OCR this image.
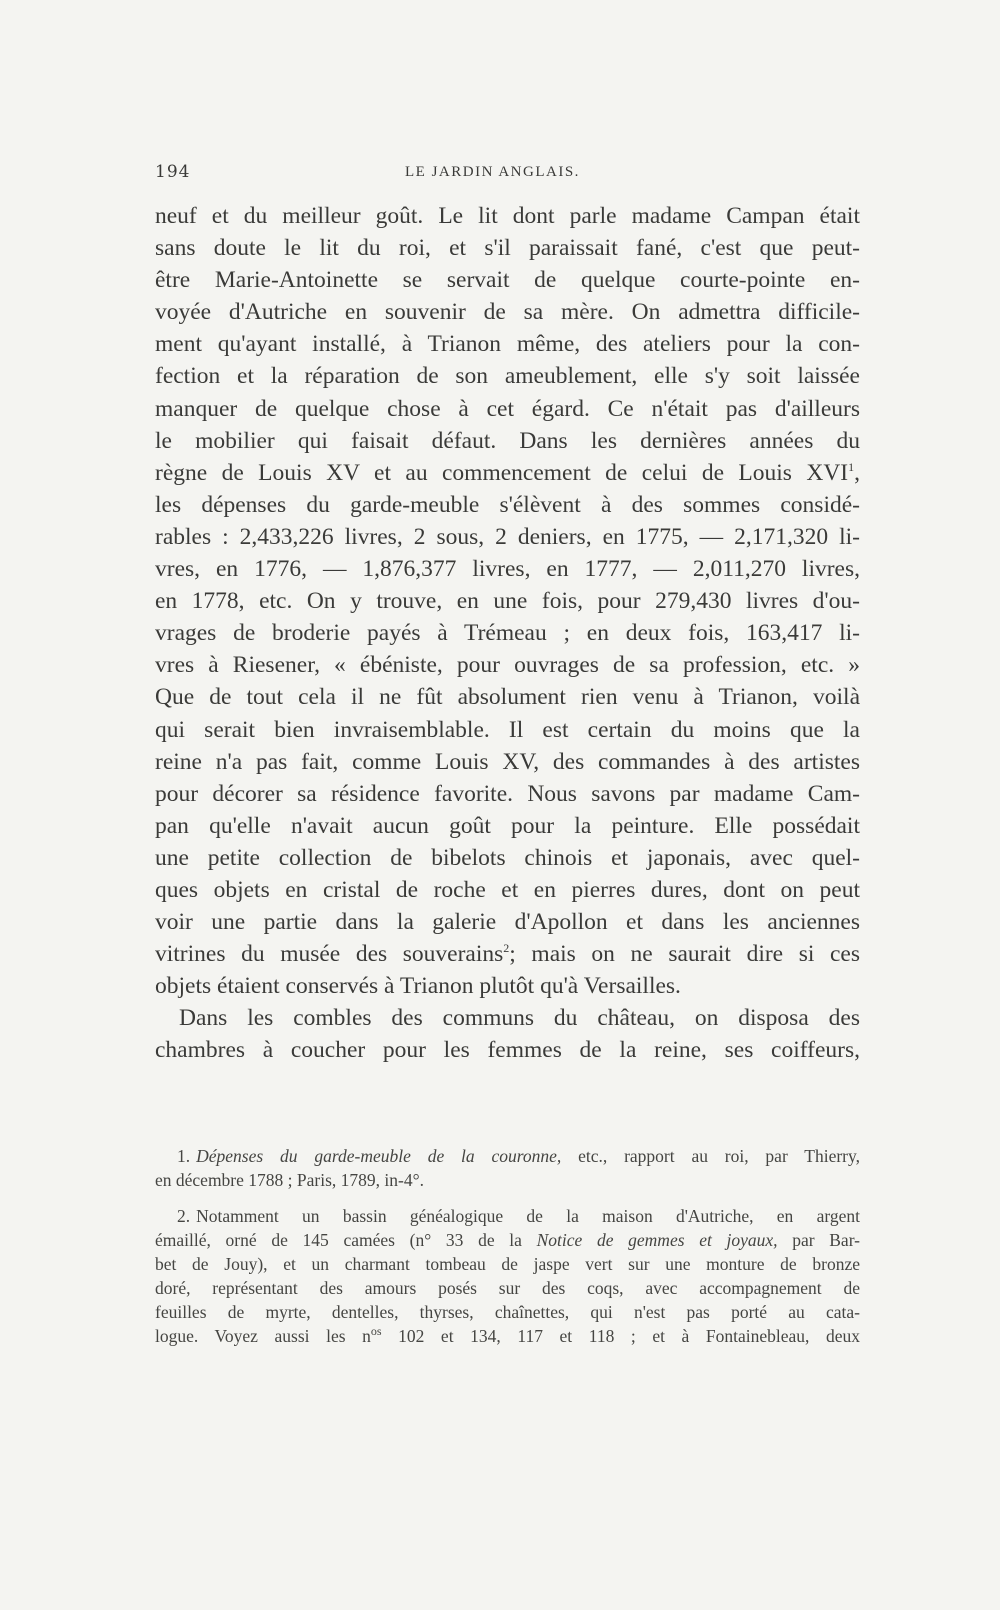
194	LE JARDIN ANGLAIS.
neuf et du meilleur goût. Le lit dont parle madame Campan était
sans doute le lit du roi, et s'il paraissait fané, c'est que peut-
être Marie-Antoinette se servait de quelque courte-pointe en-
voyée d'Autriche en souvenir de sa mère. On admettra difficile-
ment qu'ayant installé, à Trianon même, des ateliers pour la con-
fection et la réparation de son ameublement, elle s'y soit laissée
manquer de quelque chose à cet égard. Ce n'était pas d'ailleurs
le mobilier qui faisait défaut. Dans les dernières années du
règne de Louis XV et au commencement de celui de Louis XVI$^1$,
les dépenses du garde-meuble s'élèvent à des sommes considé-
rables : 2,433,226 livres, 2 sous, 2 deniers, en 1775, — 2,171,320 li-
vres, en 1776, — 1,876,377 livres, en 1777, — 2,011,270 livres,
en 1778, etc. On y trouve, en une fois, pour 279,430 livres d'ou-
vrages de broderie payés à Trémeau ; en deux fois, 163,417 li-
vres à Riesener, « ébéniste, pour ouvrages de sa profession, etc. »
Que de tout cela il ne fût absolument rien venu à Trianon, voilà
qui serait bien invraisemblable. Il est certain du moins que la
reine n'a pas fait, comme Louis XV, des commandes à des artistes
pour décorer sa résidence favorite. Nous savons par madame Cam-
pan qu'elle n'avait aucun goût pour la peinture. Elle possédait
une petite collection de bibelots chinois et japonais, avec quel-
ques objets en cristal de roche et en pierres dures, dont on peut
voir une partie dans la galerie d'Apollon et dans les anciennes
vitrines du musée des souverains$^2$; mais on ne saurait dire si ces
objets étaient conservés à Trianon plutôt qu'à Versailles.
Dans les combles des communs du château, on disposa des
chambres à coucher pour les femmes de la reine, ses coiffeurs,
1. Dépenses du garde-meuble de la couronne, etc., rapport au roi, par Thierry,
en décembre 1788 ; Paris, 1789, in-4°.
2. Notamment un bassin généalogique de la maison d'Autriche, en argent
émaillé, orné de 145 camées (n° 33 de la Notice de gemmes et joyaux, par Bar-
bet de Jouy), et un charmant tombeau de jaspe vert sur une monture de bronze
doré, représentant des amours posés sur des coqs, avec accompagnement de
feuilles de myrte, dentelles, thyrses, chaînettes, qui n'est pas porté au cata-
logue. Voyez aussi les $n^{os}$ 102 et 134, 117 et 118 ; et à Fontainebleau, deux
